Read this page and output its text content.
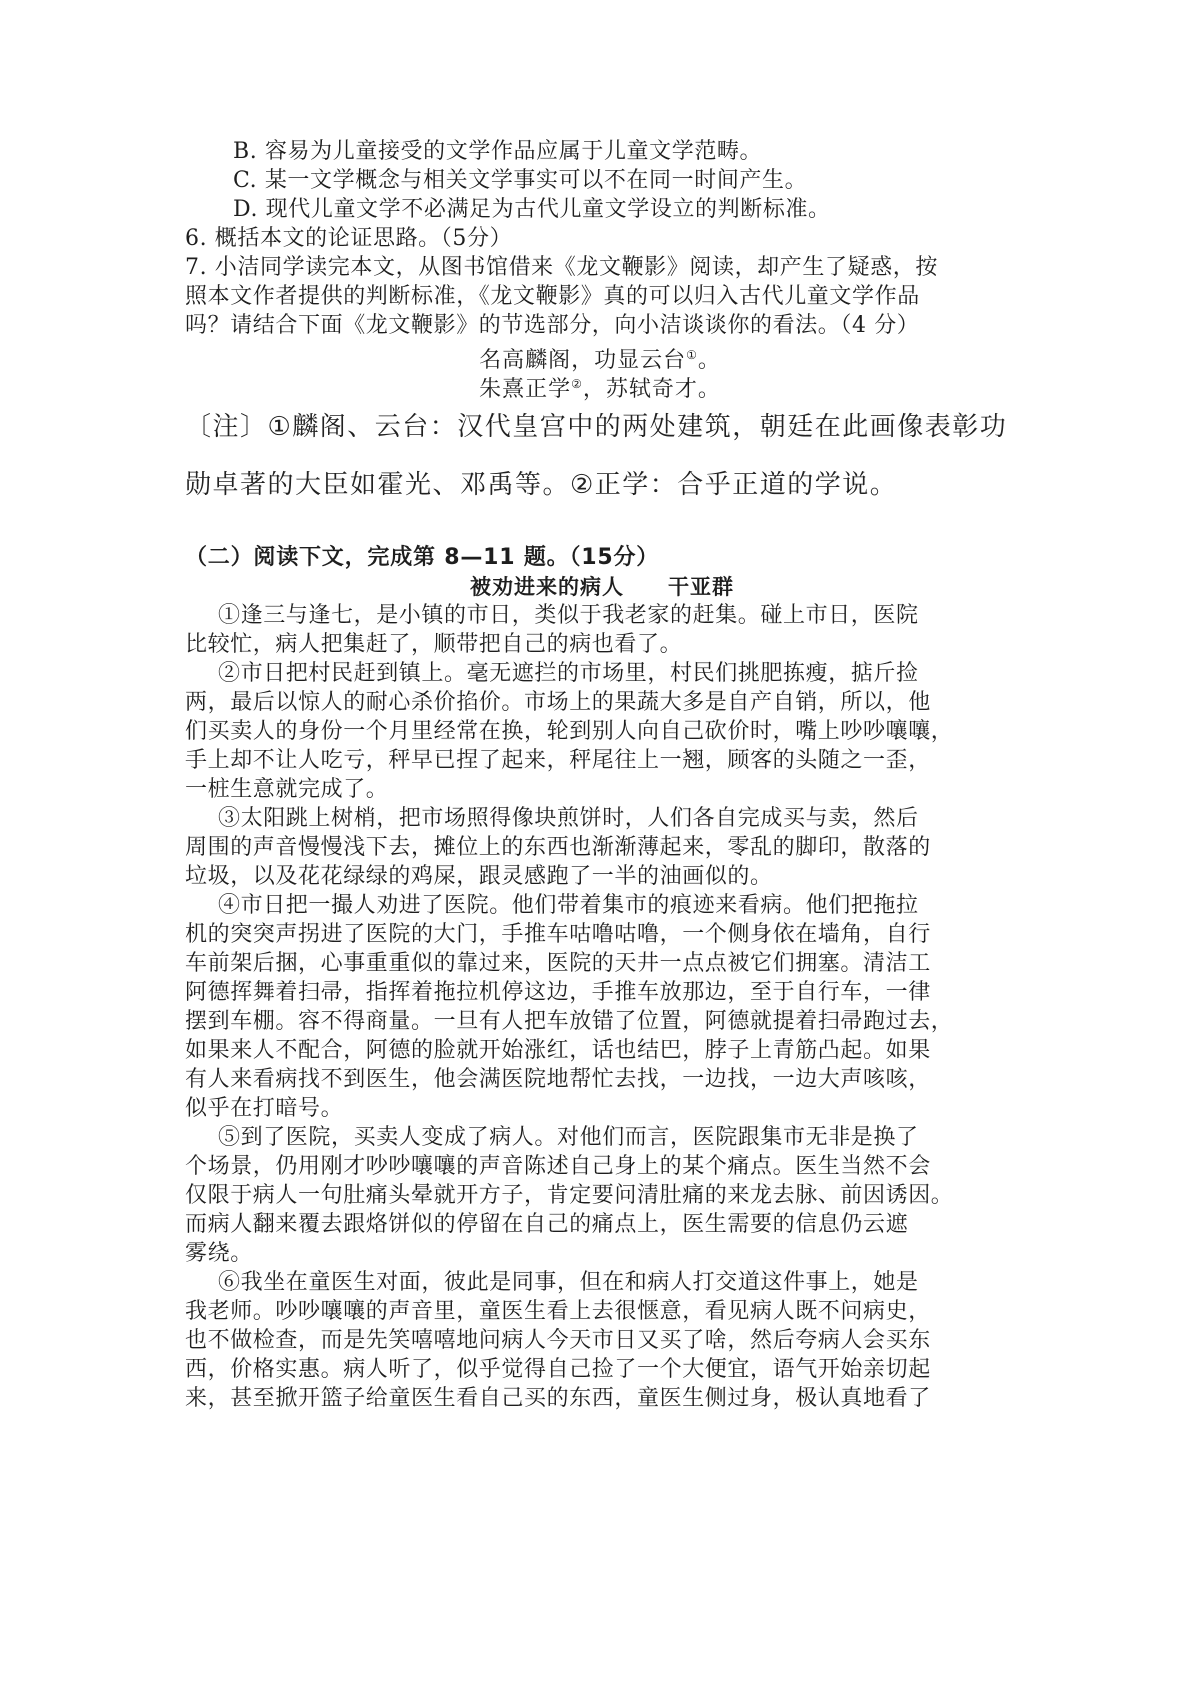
B. 容易为儿童接受的文学作品应属于儿童文学范畴。
C. 某一文学概念与相关文学事实可以不在同一时间产生。
D. 现代儿童文学不必满足为古代儿童文学设立的判断标准。
6. 概括本文的论证思路。（5分）
7. 小洁同学读完本文，从图书馆借来《龙文鞭影》阅读，却产生了疑惑，按
照本文作者提供的判断标准，《龙文鞭影》真的可以归入古代儿童文学作品
吗？请结合下面《龙文鞭影》的节选部分，向小洁谈谈你的看法。（4 分）
名高麟阁，功显云台①。
朱熹正学②，苏轼奇才。
〔注〕①麟阁、云台：汉代皇宫中的两处建筑，朝廷在此画像表彰功
勋卓著的大臣如霍光、邓禹等。②正学：合乎正道的学说。
（二）阅读下文，完成第 8—11 题。（15分）
被劝进来的病人 干亚群
①逢三与逢七，是小镇的市日，类似于我老家的赶集。碰上市日，医院
比较忙，病人把集赶了，顺带把自己的病也看了。
②市日把村民赶到镇上。毫无遮拦的市场里，村民们挑肥拣瘦，掂斤捡
两，最后以惊人的耐心杀价掐价。市场上的果蔬大多是自产自销，所以，他
们买卖人的身份一个月里经常在换，轮到别人向自己砍价时，嘴上吵吵嚷嚷，
手上却不让人吃亏，秤早已捏了起来，秤尾往上一翘，顾客的头随之一歪，
一桩生意就完成了。
③太阳跳上树梢，把市场照得像块煎饼时，人们各自完成买与卖，然后
周围的声音慢慢浅下去，摊位上的东西也渐渐薄起来，零乱的脚印，散落的
垃圾，以及花花绿绿的鸡屎，跟灵感跑了一半的油画似的。
④市日把一撮人劝进了医院。他们带着集市的痕迹来看病。他们把拖拉
机的突突声拐进了医院的大门，手推车咕噜咕噜，一个侧身依在墙角，自行
车前架后捆，心事重重似的靠过来，医院的天井一点点被它们拥塞。清洁工
阿德挥舞着扫帚，指挥着拖拉机停这边，手推车放那边，至于自行车，一律
摆到车棚。容不得商量。一旦有人把车放错了位置，阿德就提着扫帚跑过去，
如果来人不配合，阿德的脸就开始涨红，话也结巴，脖子上青筋凸起。如果
有人来看病找不到医生，他会满医院地帮忙去找，一边找，一边大声咳咳，
似乎在打暗号。
⑤到了医院，买卖人变成了病人。对他们而言，医院跟集市无非是换了
个场景，仍用刚才吵吵嚷嚷的声音陈述自己身上的某个痛点。医生当然不会
仅限于病人一句肚痛头晕就开方子，肯定要问清肚痛的来龙去脉、前因诱因。
而病人翻来覆去跟烙饼似的停留在自己的痛点上，医生需要的信息仍云遮
雾绕。
⑥我坐在童医生对面，彼此是同事，但在和病人打交道这件事上，她是
我老师。吵吵嚷嚷的声音里，童医生看上去很惬意，看见病人既不问病史，
也不做检查，而是先笑嘻嘻地问病人今天市日又买了啥，然后夸病人会买东
西，价格实惠。病人听了，似乎觉得自己捡了一个大便宜，语气开始亲切起
来，甚至掀开篮子给童医生看自己买的东西，童医生侧过身，极认真地看了
